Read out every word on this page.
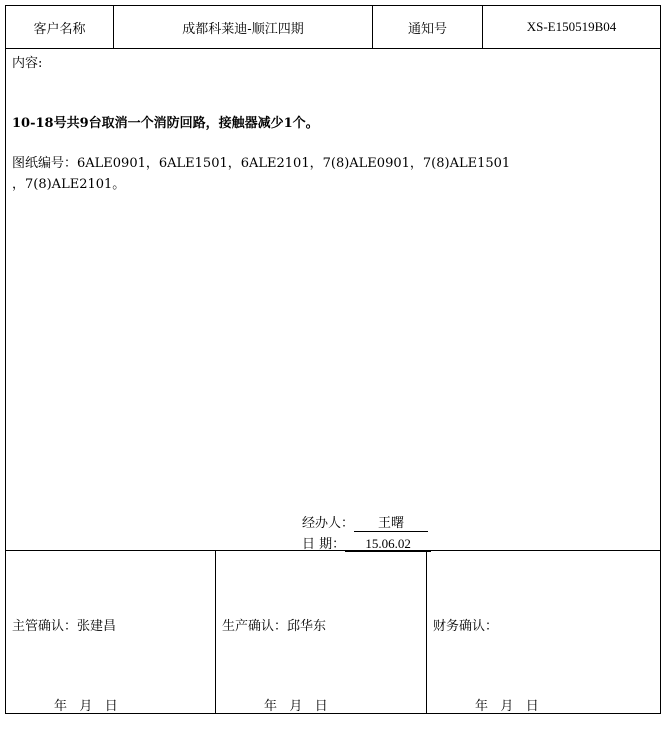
客户名称	成都科莱迪-顺江四期	通知号	XS-E150519B04
内容:
10-18号共9台取消一个消防回路，接触器减少1个。
图纸编号：6ALE0901，6ALE1501，6ALE2101，7(8)ALE0901，7(8)ALE1501
，7(8)ALE2101。
经办人： 王曙
日 期： 15.06.02
主管确认：张建昌	生产确认：邱华东	财务确认：
年   月   日	年   月   日	年   月   日
